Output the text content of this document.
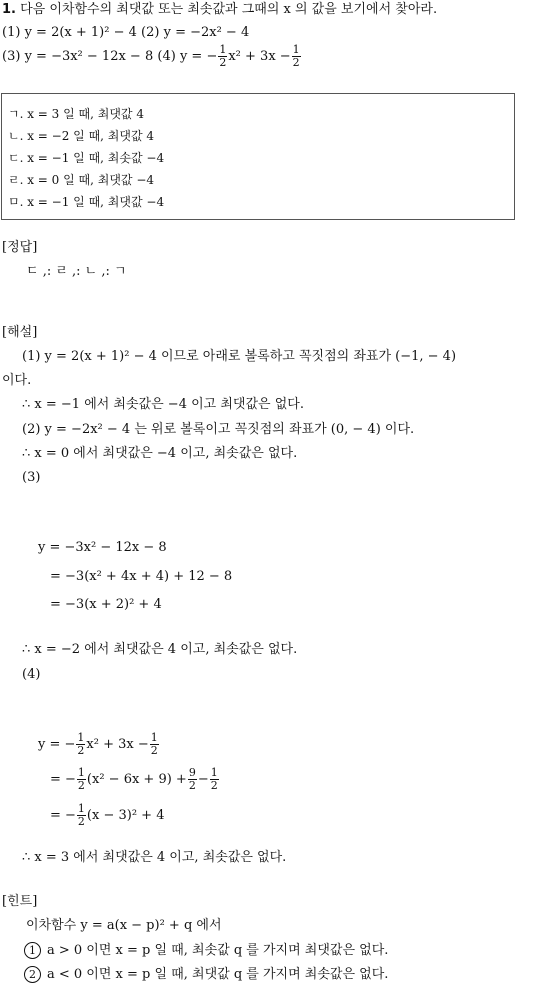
1. 다음 이차함수의 최댓값 또는 최솟값과 그때의 x 의 값을 보기에서 찾아라.
(1) y = 2(x + 1)² − 4 (2) y = −2x² − 4
(3)
y = −3x² − 12x − 8
(4)
y = − $\frac{1}{2} x^2 + 3x - \frac{1}{2}$
ㄱ. x = 3 일 때, 최댓값 4
ㄴ. x = −2 일 때, 최댓값 4
ㄷ. x = −1 일 때, 최솟값 −4
ㄹ. x = 0 일 때, 최댓값 −4
ㅁ. x = −1 일 때, 최댓값 −4
[정답]
ㄷ ,: ㄹ ,: ㄴ ,: ㄱ
[해설]
(1) y = 2(x + 1)² − 4 이므로 아래로 볼록하고 꼭짓점의 좌표가 (−1, − 4)
이다.
∴ x = −1 에서 최솟값은 −4 이고 최댓값은 없다.
(2) y = −2x² − 4 는 위로 볼록이고 꼭짓점의 좌표가 (0, − 4) 이다.
∴ x = 0 에서 최댓값은 −4 이고, 최솟값은 없다.
(3)
y = −3x² − 12x − 8
= −3(x² + 4x + 4) + 12 − 8
= −3(x + 2)² + 4
∴ x = −2 에서 최댓값은 4 이고, 최솟값은 없다.
(4)
y = − $\frac{1}{2} x^2 + 3x - \frac{1}{2}$
= − $\frac{1}{2} (x^2 - 6x + 9) + \frac{9}{2} - \frac{1}{2}$
= − $\frac{1}{2} (x - 3)^2 + 4$
∴ x = 3 에서 최댓값은 4 이고, 최솟값은 없다.
[힌트]
이차함수 y = a(x − p)² + q 에서
1 a > 0 이면 x = p 일 때, 최솟값 q 를 가지며 최댓값은 없다.
2 a < 0 이면 x = p 일 때, 최댓값 q 를 가지며 최솟값은 없다.
